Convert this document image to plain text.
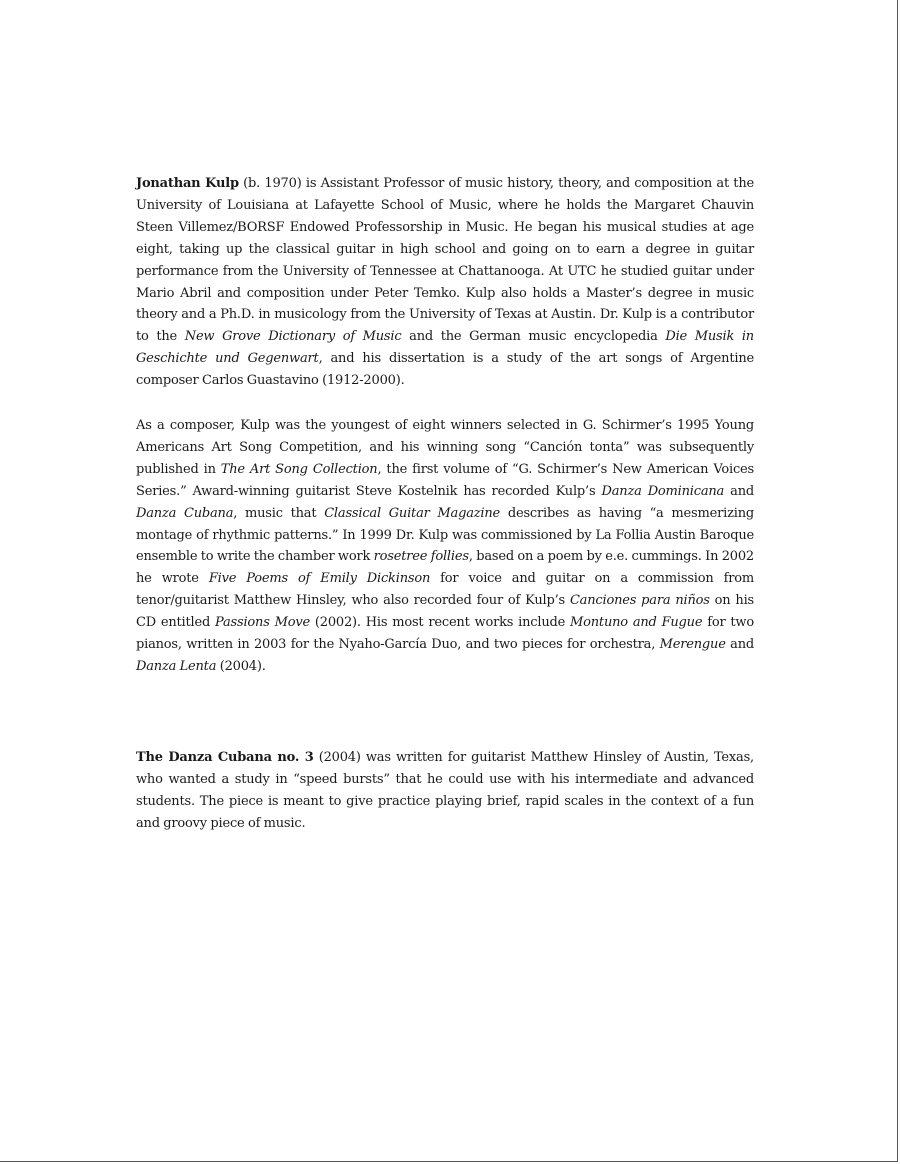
Jonathan Kulp (b. 1970) is Assistant Professor of music history, theory, and composition at the University of Louisiana at Lafayette School of Music, where he holds the Margaret Chauvin Steen Villemez/BORSF Endowed Professorship in Music. He began his musical studies at age eight, taking up the classical guitar in high school and going on to earn a degree in guitar performance from the University of Tennessee at Chattanooga. At UTC he studied guitar under Mario Abril and composition under Peter Temko. Kulp also holds a Master’s degree in music theory and a Ph.D. in musicology from the University of Texas at Austin. Dr. Kulp is a contributor to the New Grove Dictionary of Music and the German music encyclopedia Die Musik in Geschichte und Gegenwart, and his dissertation is a study of the art songs of Argentine composer Carlos Guastavino (1912-2000).

As a composer, Kulp was the youngest of eight winners selected in G. Schirmer’s 1995 Young Americans Art Song Competition, and his winning song “Canción tonta” was subsequently published in The Art Song Collection, the first volume of “G. Schirmer’s New American Voices Series.” Award-winning guitarist Steve Kostelnik has recorded Kulp’s Danza Dominicana and Danza Cubana, music that Classical Guitar Magazine describes as having “a mesmerizing montage of rhythmic patterns.” In 1999 Dr. Kulp was commissioned by La Follia Austin Baroque ensemble to write the chamber work rosetree follies, based on a poem by e.e. cummings. In 2002 he wrote Five Poems of Emily Dickinson for voice and guitar on a commission from tenor/guitarist Matthew Hinsley, who also recorded four of Kulp’s Canciones para niños on his CD entitled Passions Move (2002). His most recent works include Montuno and Fugue for two pianos, written in 2003 for the Nyaho-García Duo, and two pieces for orchestra, Merengue and Danza Lenta (2004).

The Danza Cubana no. 3 (2004) was written for guitarist Matthew Hinsley of Austin, Texas, who wanted a study in “speed bursts” that he could use with his intermediate and advanced students. The piece is meant to give practice playing brief, rapid scales in the context of a fun and groovy piece of music.
